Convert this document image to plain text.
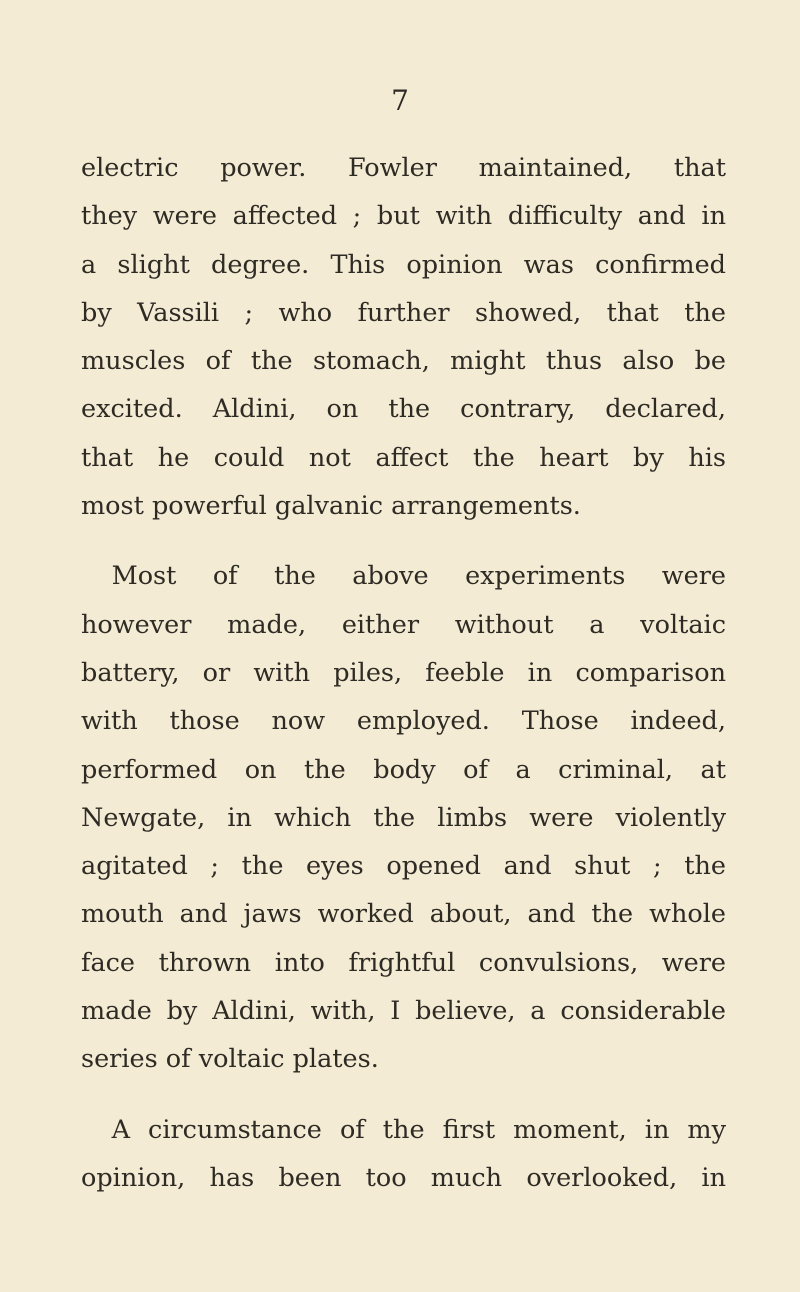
7
electric power. Fowler maintained, that
they were affected ; but with difficulty and in
a slight degree. This opinion was confirmed
by Vassili ; who further showed, that the
muscles of the stomach, might thus also be
excited. Aldini, on the contrary, declared,
that he could not affect the heart by his
most powerful galvanic arrangements.
Most of the above experiments were
however made, either without a voltaic
battery, or with piles, feeble in comparison
with those now employed. Those indeed,
performed on the body of a criminal, at
Newgate, in which the limbs were violently
agitated ; the eyes opened and shut ; the
mouth and jaws worked about, and the whole
face thrown into frightful convulsions, were
made by Aldini, with, I believe, a considerable
series of voltaic plates.
A circumstance of the first moment, in my
opinion, has been too much overlooked, in
